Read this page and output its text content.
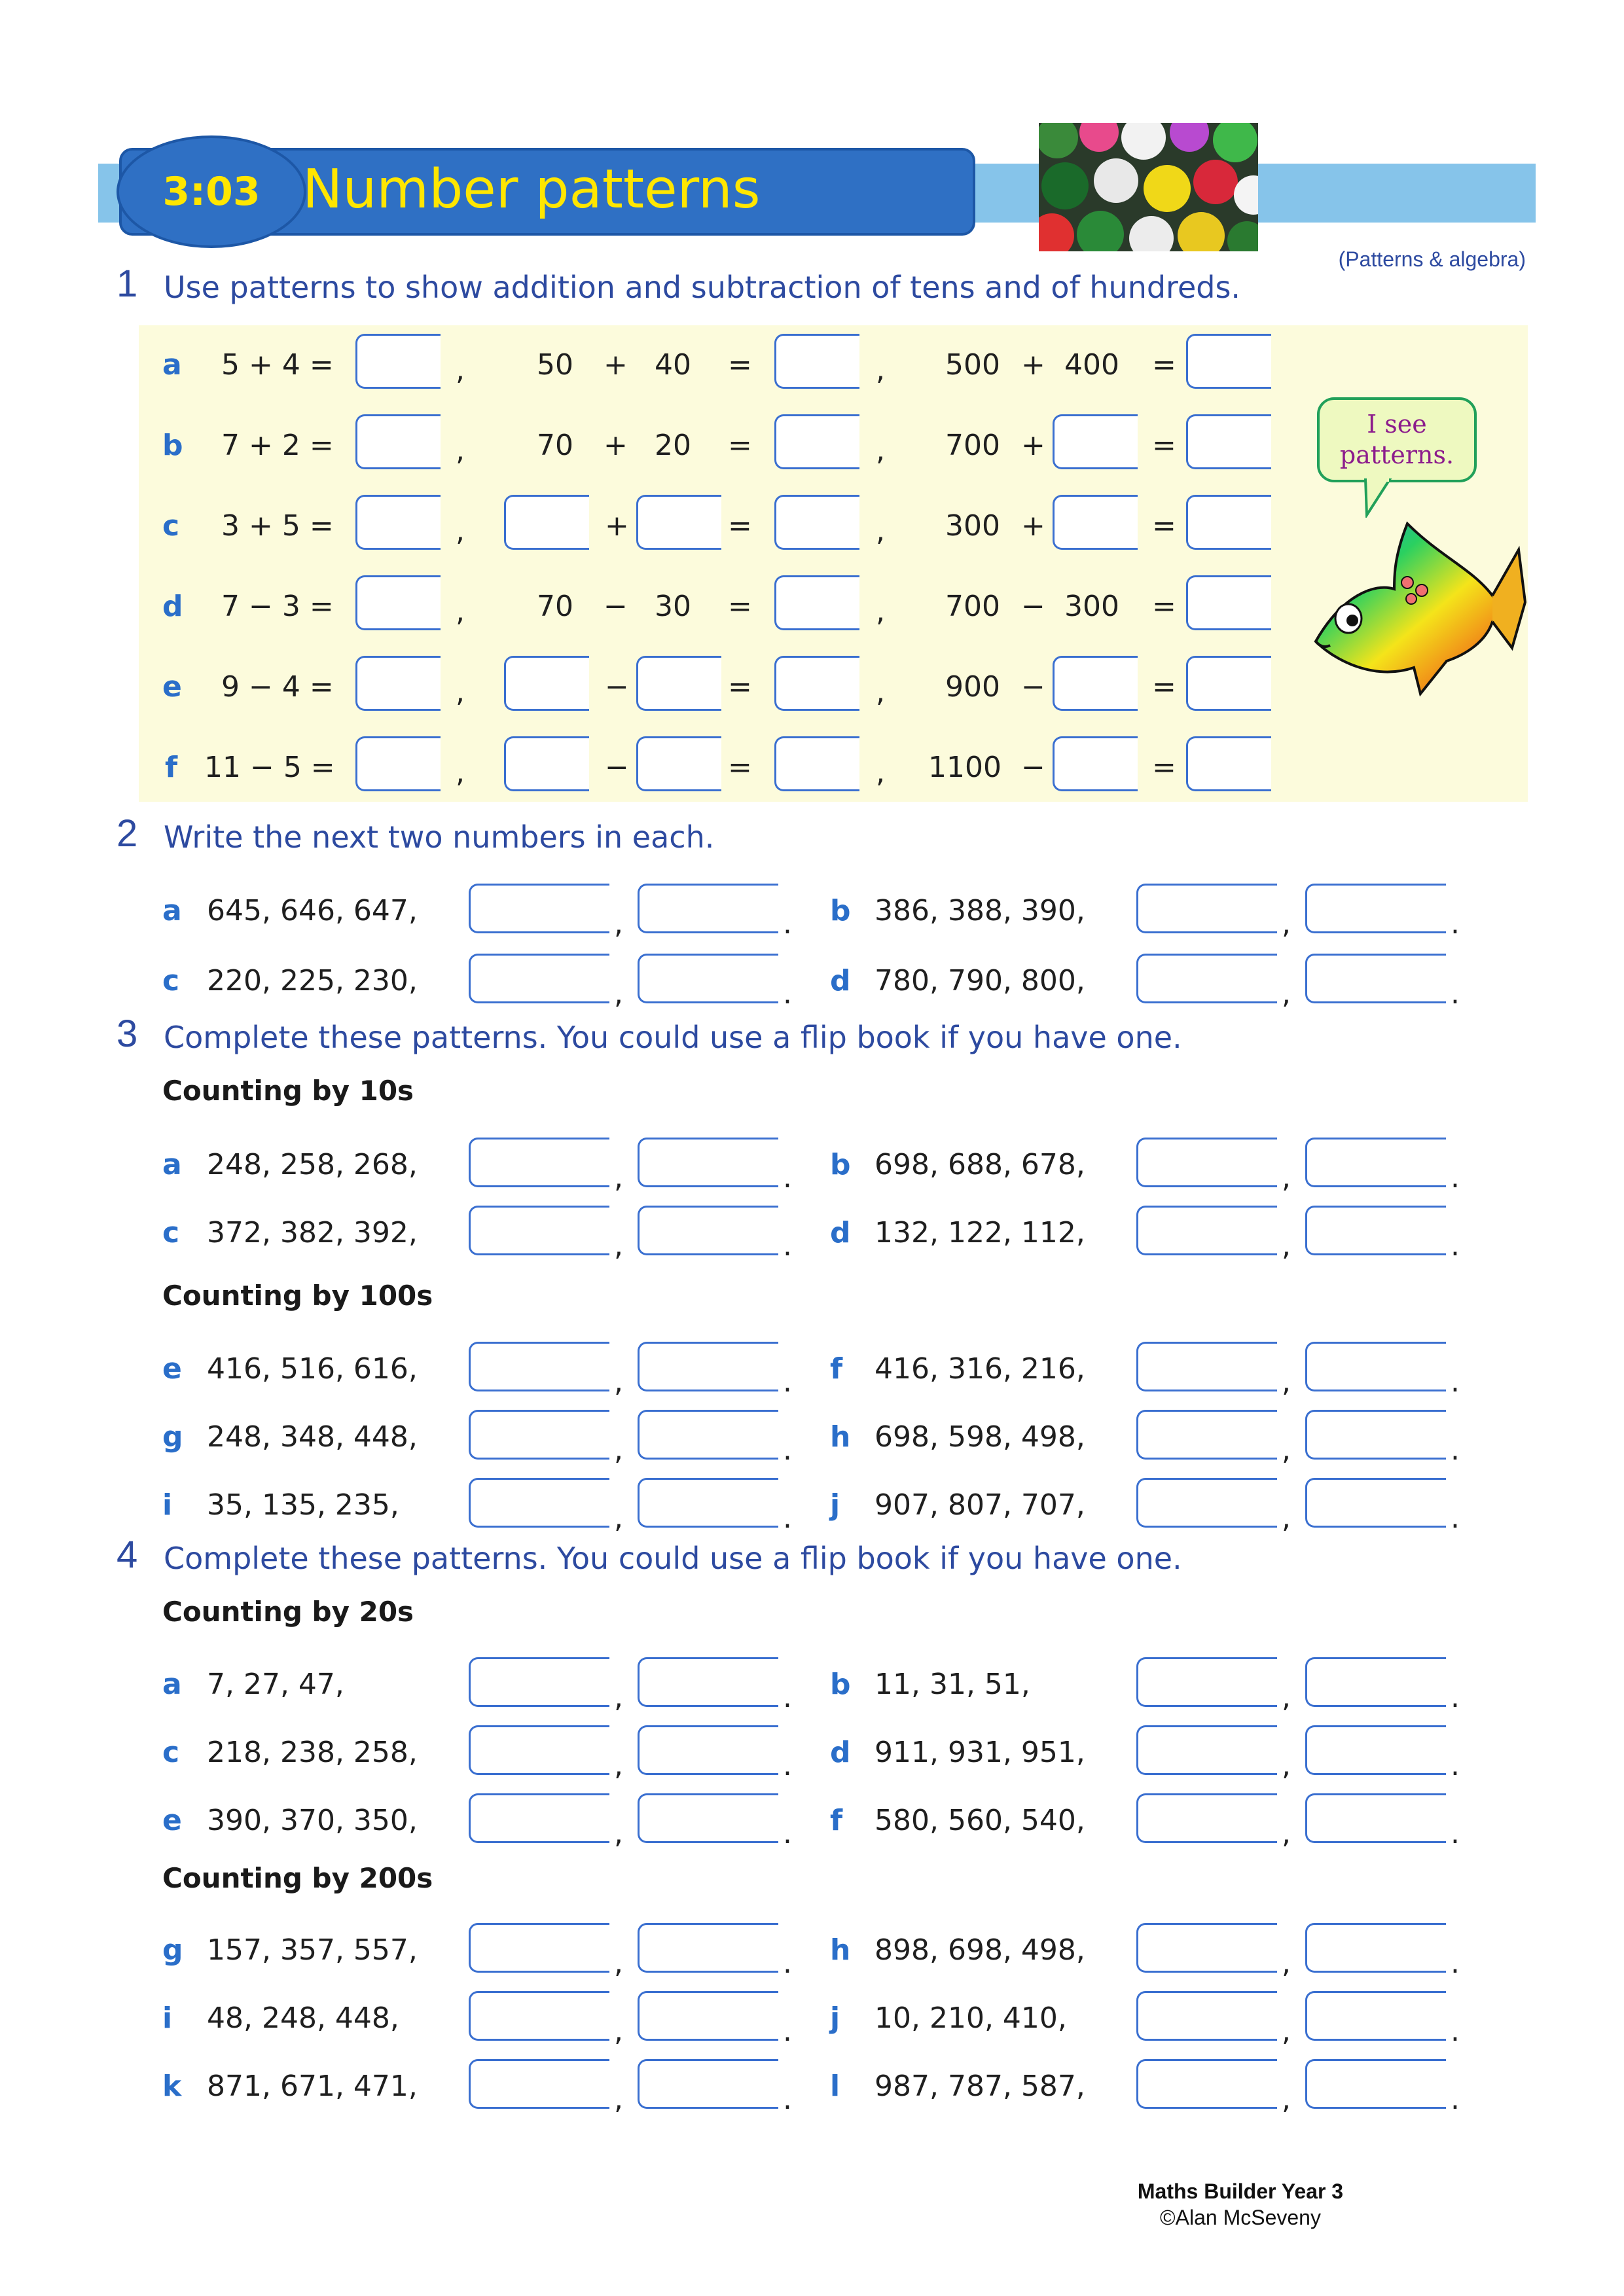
3:03 Number patterns
(Patterns & algebra)
1 Use patterns to show addition and subtraction of tens and of hundreds.
a 5 + 4 =	,	50 + 40 =	, 500 + 400 =
b 7 + 2 =	,	70 + 20 =	, 700 +	=
c 3 + 5 =	,	+	=	, 300 +	=
d 7 − 3 =	,	70 − 30 =	, 700 − 300 =
e 9 − 4 =	,	−	=	, 900 −	=
f 11 − 5 =	,	−	=	, 1100 −	=
I see
patterns.
2 Write the next two numbers in each.
a 645, 646, 647,	,	. b 386, 388, 390,	,	.
c 220, 225, 230,	,	. d 780, 790, 800,	,	.
3 Complete these patterns. You could use a flip book if you have one.
Counting by 10s
Counting by 100s
a 248, 258, 268,	,	. b 698, 688, 678,	,	.
c 372, 382, 392,	,	. d 132, 122, 112,	,	.
e 416, 516, 616,	,	. f 416, 316, 216,	,	.
g 248, 348, 448,	,	. h 698, 598, 498,	,	.
i 35, 135, 235,	,	. j 907, 807, 707,	,	.
4 Complete these patterns. You could use a flip book if you have one.
Counting by 20s
Counting by 200s
a 7, 27, 47,	,	. b 11, 31, 51,	,	.
c 218, 238, 258,	,	. d 911, 931, 951,	,	.
e 390, 370, 350,	,	. f 580, 560, 540,	,	.
g 157, 357, 557,	,	. h 898, 698, 498,	,	.
i 48, 248, 448,	,	. j 10, 210, 410,	,	.
k 871, 671, 471,	,	. l 987, 787, 587,	,	.
Maths Builder Year 3
©Alan McSeveny
